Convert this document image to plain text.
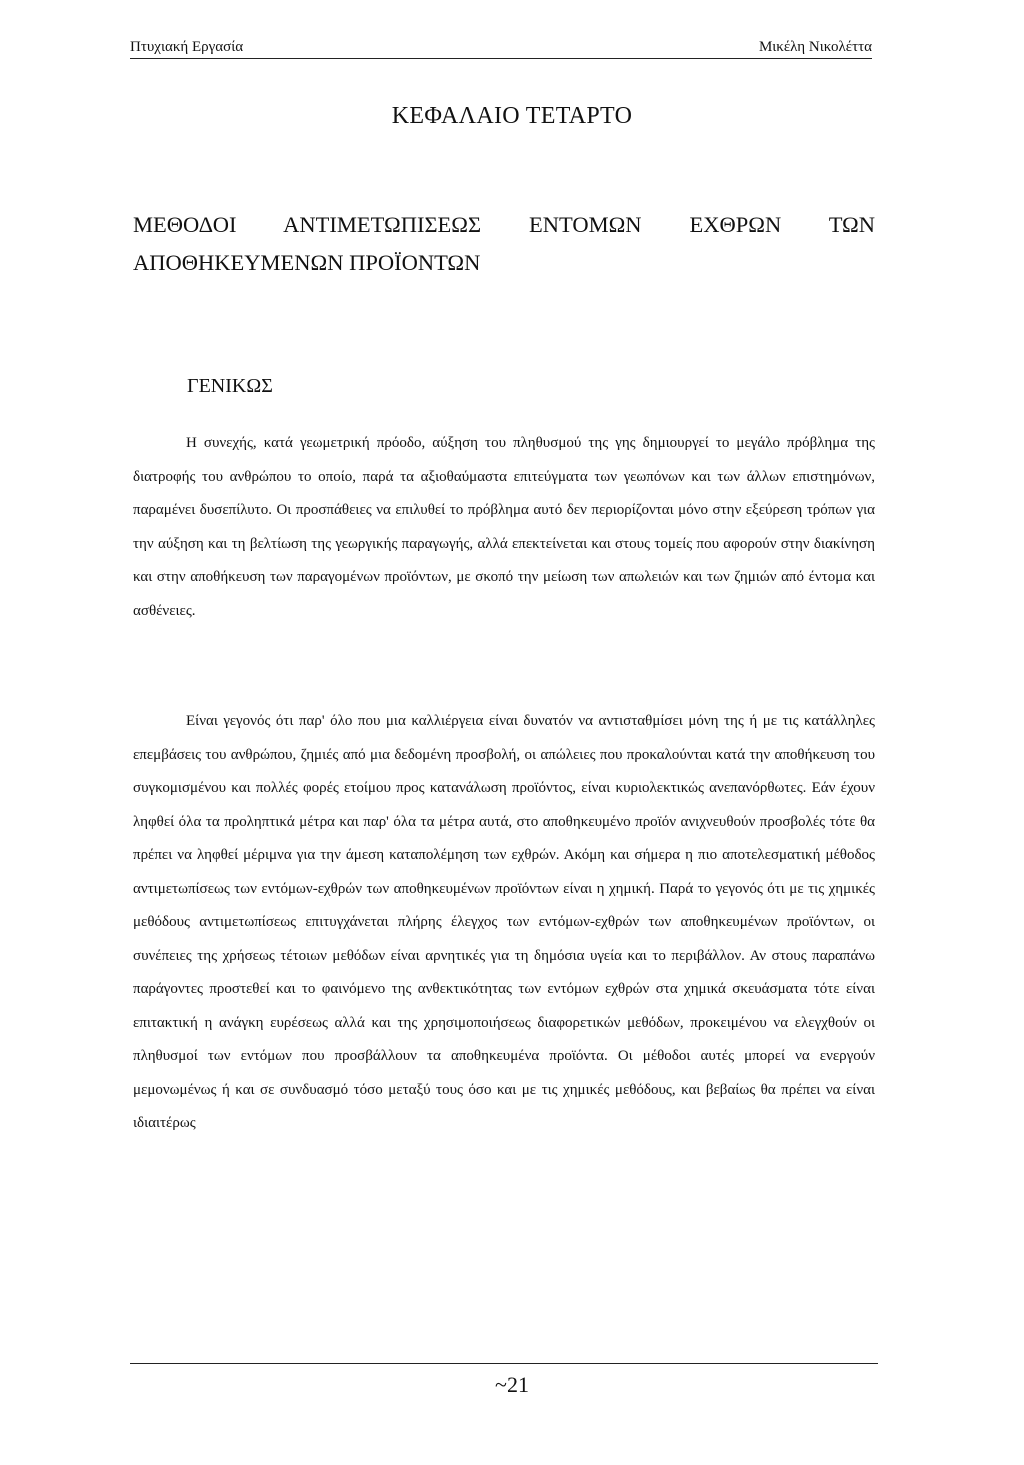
Πτυχιακή Εργασία	Μικέλη Νικολέττα
ΚΕΦΑΛΑΙΟ ΤΕΤΑΡΤΟ
ΜΕΘΟΔΟΙ ΑΝΤΙΜΕΤΩΠΙΣΕΩΣ ΕΝΤΟΜΩΝ ΕΧΘΡΩΝ ΤΩΝ ΑΠΟΘΗΚΕΥΜΕΝΩΝ ΠΡΟΪΟΝΤΩΝ
ΓΕΝΙΚΩΣ

Η συνεχής, κατά γεωμετρική πρόοδο, αύξηση του πληθυσμού της γης δημιουργεί το μεγάλο πρόβλημα της διατροφής του ανθρώπου το οποίο, παρά τα αξιοθαύμαστα επιτεύγματα των γεωπόνων και των άλλων επιστημόνων, παραμένει δυσεπίλυτο. Οι προσπάθειες να επιλυθεί το πρόβλημα αυτό δεν περιορίζονται μόνο στην εξεύρεση τρόπων για την αύξηση και τη βελτίωση της γεωργικής παραγωγής, αλλά επεκτείνεται και στους τομείς που αφορούν στην διακίνηση και στην αποθήκευση των παραγομένων προϊόντων, με σκοπό την μείωση των απωλειών και των ζημιών από έντομα και ασθένειες.

Είναι γεγονός ότι παρ' όλο που μια καλλιέργεια είναι δυνατόν να αντισταθμίσει μόνη της ή με τις κατάλληλες επεμβάσεις του ανθρώπου, ζημιές από μια δεδομένη προσβολή, οι απώλειες που προκαλούνται κατά την αποθήκευση του συγκομισμένου και πολλές φορές ετοίμου προς κατανάλωση προϊόντος, είναι κυριολεκτικώς ανεπανόρθωτες. Εάν έχουν ληφθεί όλα τα προληπτικά μέτρα και παρ' όλα τα μέτρα αυτά, στο αποθηκευμένο προϊόν ανιχνευθούν προσβολές τότε θα πρέπει να ληφθεί μέριμνα για την άμεση καταπολέμηση των εχθρών. Ακόμη και σήμερα η πιο αποτελεσματική μέθοδος αντιμετωπίσεως των εντόμων-εχθρών των αποθηκευμένων προϊόντων είναι η χημική. Παρά το γεγονός ότι με τις χημικές μεθόδους αντιμετωπίσεως επιτυγχάνεται πλήρης έλεγχος των εντόμων-εχθρών των αποθηκευμένων προϊόντων, οι συνέπειες της χρήσεως τέτοιων μεθόδων είναι αρνητικές για τη δημόσια υγεία και το περιβάλλον. Αν στους παραπάνω παράγοντες προστεθεί και το φαινόμενο της ανθεκτικότητας των εντόμων εχθρών στα χημικά σκευάσματα τότε είναι επιτακτική η ανάγκη ευρέσεως αλλά και της χρησιμοποιήσεως διαφορετικών μεθόδων, προκειμένου να ελεγχθούν οι πληθυσμοί των εντόμων που προσβάλλουν τα αποθηκευμένα προϊόντα. Οι μέθοδοι αυτές μπορεί να ενεργούν μεμονωμένως ή και σε συνδυασμό τόσο μεταξύ τους όσο και με τις χημικές μεθόδους, και βεβαίως θα πρέπει να είναι ιδιαιτέρως

~21
